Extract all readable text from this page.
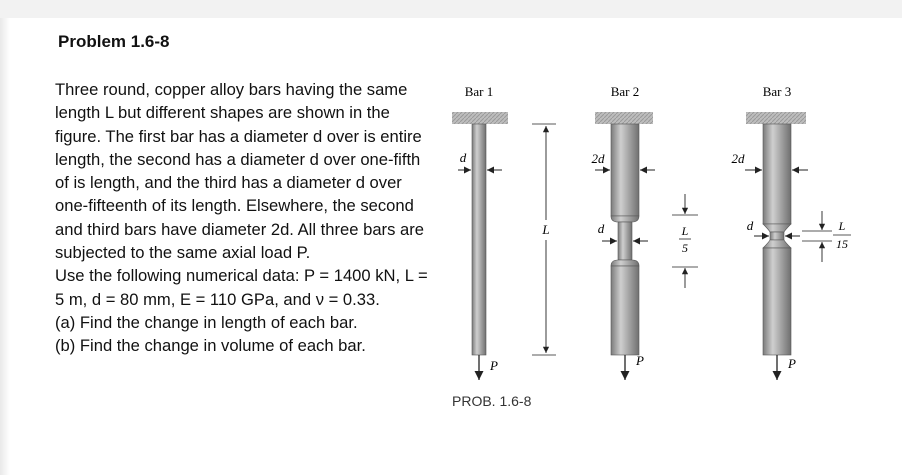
Problem 1.6-8

Three round, copper alloy bars having the same length L but different shapes are shown in the figure. The first bar has a diameter d over is entire length, the second has a diameter d over one-fifth of is length, and the third has a diameter d over one-fifteenth of its length. Elsewhere, the second and third bars have diameter 2d. All three bars are subjected to the same axial load P.

Use the following numerical data: P = 1400 kN, L = 5 m, d = 80 mm, E = 110 GPa, and ν = 0.33.

(a) Find the change in length of each bar.

(b) Find the change in volume of each bar.

Bar 1
d
L
P
Bar 2
2d
d	L
5
P
Bar 3
2d
d	L
15
P
PROB. 1.6-8
